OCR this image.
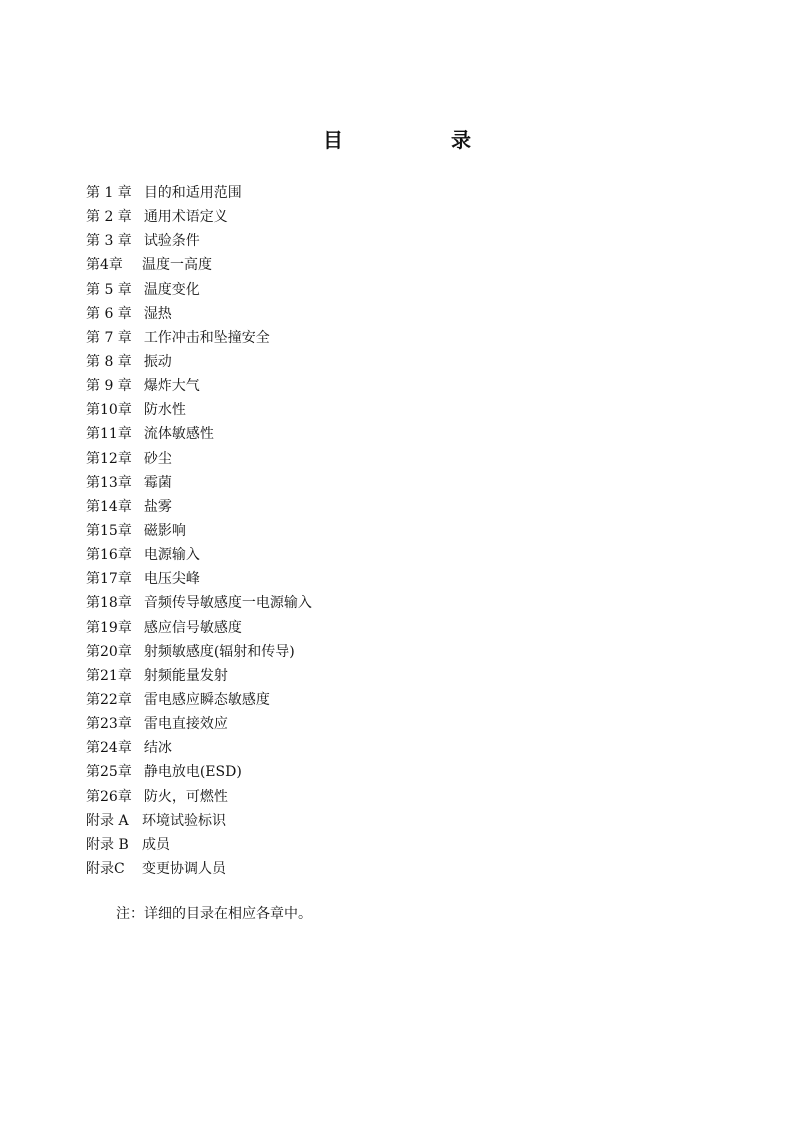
目　录
第 1 章 目的和适用范围
第 2 章 通用术语定义
第 3 章 试验条件
第4章 温度一高度
第 5 章 温度变化
第 6 章 湿热
第 7 章 工作冲击和坠撞安全
第 8 章 振动
第 9 章 爆炸大气
第10章 防水性
第11章 流体敏感性
第12章 砂尘
第13章 霉菌
第14章 盐雾
第15章 磁影响
第16章 电源输入
第17章 电压尖峰
第18章 音频传导敏感度一电源输入
第19章 感应信号敏感度
第20章 射频敏感度(辐射和传导)
第21章 射频能量发射
第22章 雷电感应瞬态敏感度
第23章 雷电直接效应
第24章 结冰
第25章 静电放电(ESD)
第26章 防火，可燃性
附录 A 环境试验标识
附录 B 成员
附录C 变更协调人员
注：详细的目录在相应各章中。
